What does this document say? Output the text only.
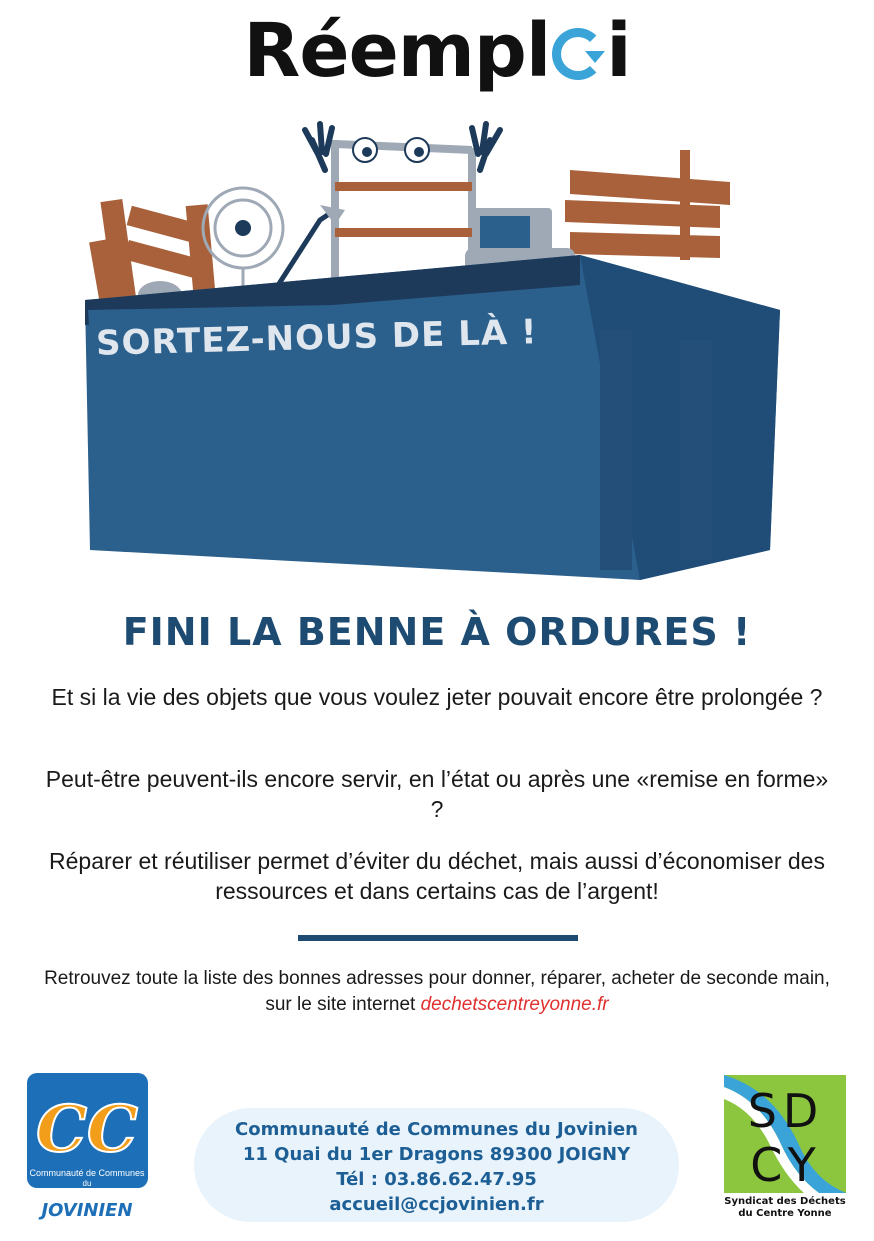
Réempl i
SORTEZ-NOUS DE LÀ !
FINI LA BENNE À ORDURES !
Et si la vie des objets que vous voulez jeter pouvait encore être prolongée ?
Peut-être peuvent-ils encore servir, en l’état ou après une «remise en forme» ?
Réparer et réutiliser permet d’éviter du déchet, mais aussi d’économiser des ressources et dans certains cas de l’argent!
Retrouvez toute la liste des bonnes adresses pour donner, réparer, acheter de seconde main, sur le site internet dechetscentreyonne.fr
CC
Communauté de Communes
du
JOVINIEN
Communauté de Communes du Jovinien
11 Quai du 1er Dragons 89300 JOIGNY
Tél : 03.86.62.47.95
accueil@ccjovinien.fr
SD
CY
Syndicat des Déchets
du Centre Yonne
